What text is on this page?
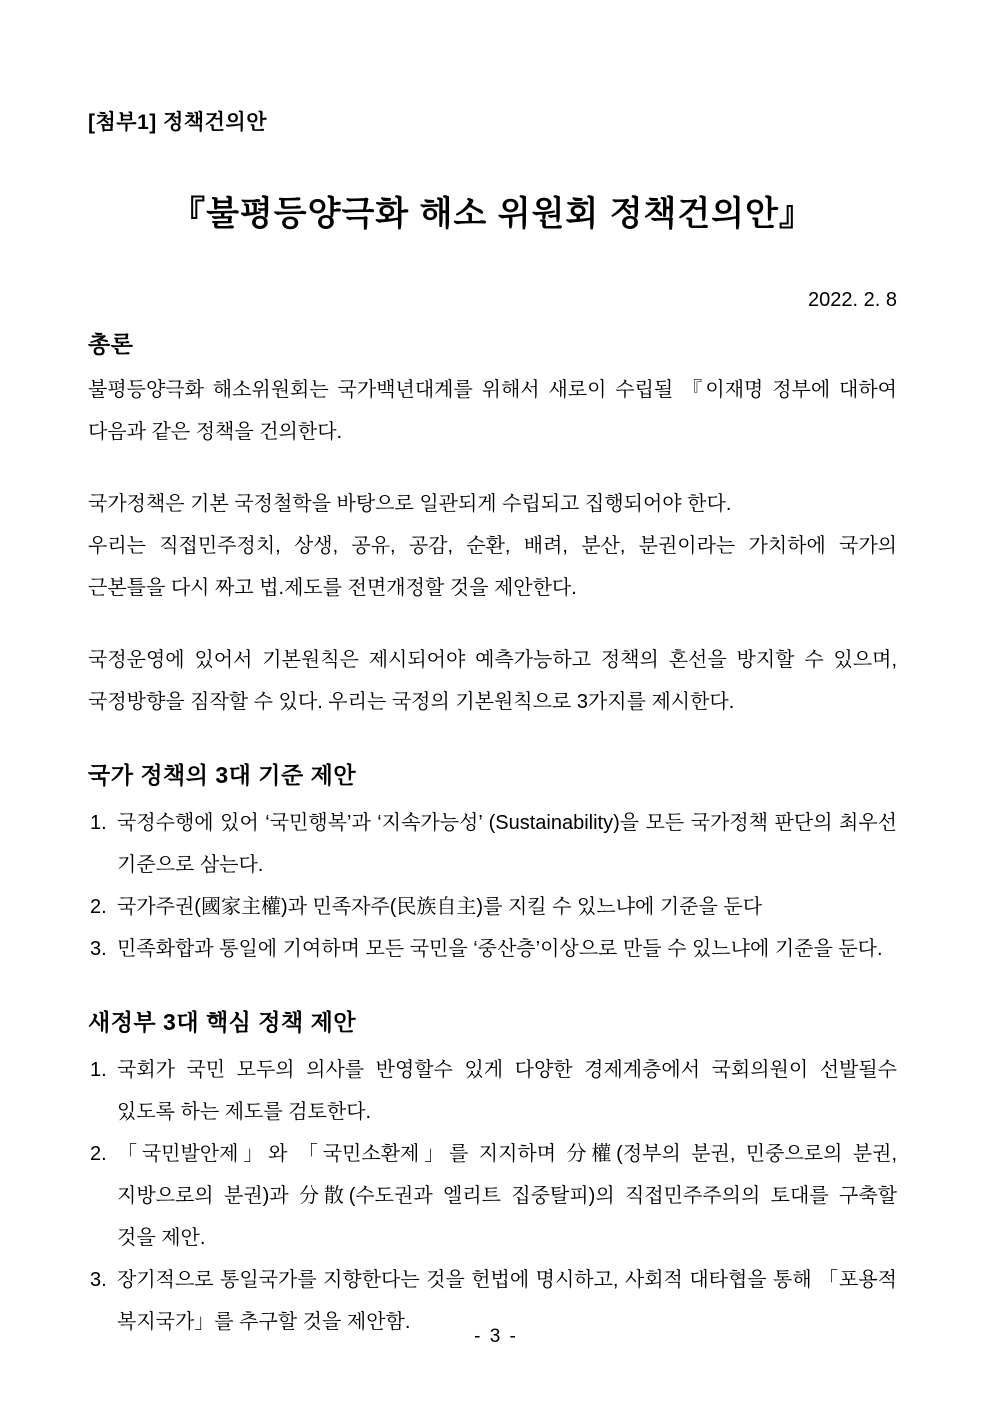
[첨부1] 정책건의안
『불평등양극화 해소 위원회 정책건의안』
2022. 2. 8
총론
불평등양극화 해소위원회는 국가백년대계를 위해서 새로이 수립될 『이재명 정부에 대하여 다음과 같은 정책을 건의한다.
국가정책은 기본 국정철학을 바탕으로 일관되게 수립되고 집행되어야 한다.
우리는 직접민주정치, 상생, 공유, 공감, 순환, 배려, 분산, 분권이라는 가치하에 국가의 근본틀을 다시 짜고 법.제도를 전면개정할 것을 제안한다.
국정운영에 있어서 기본원칙은 제시되어야 예측가능하고 정책의 혼선을 방지할 수 있으며, 국정방향을 짐작할 수 있다. 우리는 국정의 기본원칙으로 3가지를 제시한다.
국가 정책의 3대 기준 제안
1. 국정수행에 있어 ‘국민행복’과 ‘지속가능성’ (Sustainability)을 모든 국가정책 판단의 최우선 기준으로 삼는다.
2. 국가주권(國家主權)과 민족자주(民族自主)를 지킬 수 있느냐에 기준을 둔다
3. 민족화합과 통일에 기여하며 모든 국민을 ‘중산층’이상으로 만들 수 있느냐에 기준을 둔다.
새정부 3대 핵심 정책 제안
1. 국회가 국민 모두의 의사를 반영할수 있게 다양한 경제계층에서 국회의원이 선발될수 있도록 하는 제도를 검토한다.
2. 「국민발안제」와 「국민소환제」를 지지하며 分權(정부의 분권, 민중으로의 분권, 지방으로의 분권)과 分散(수도권과 엘리트 집중탈피)의 직접민주주의의 토대를 구축할 것을 제안.
3. 장기적으로 통일국가를 지향한다는 것을 헌법에 명시하고, 사회적 대타협을 통해 「포용적 복지국가」를 추구할 것을 제안함.
- 3 -
